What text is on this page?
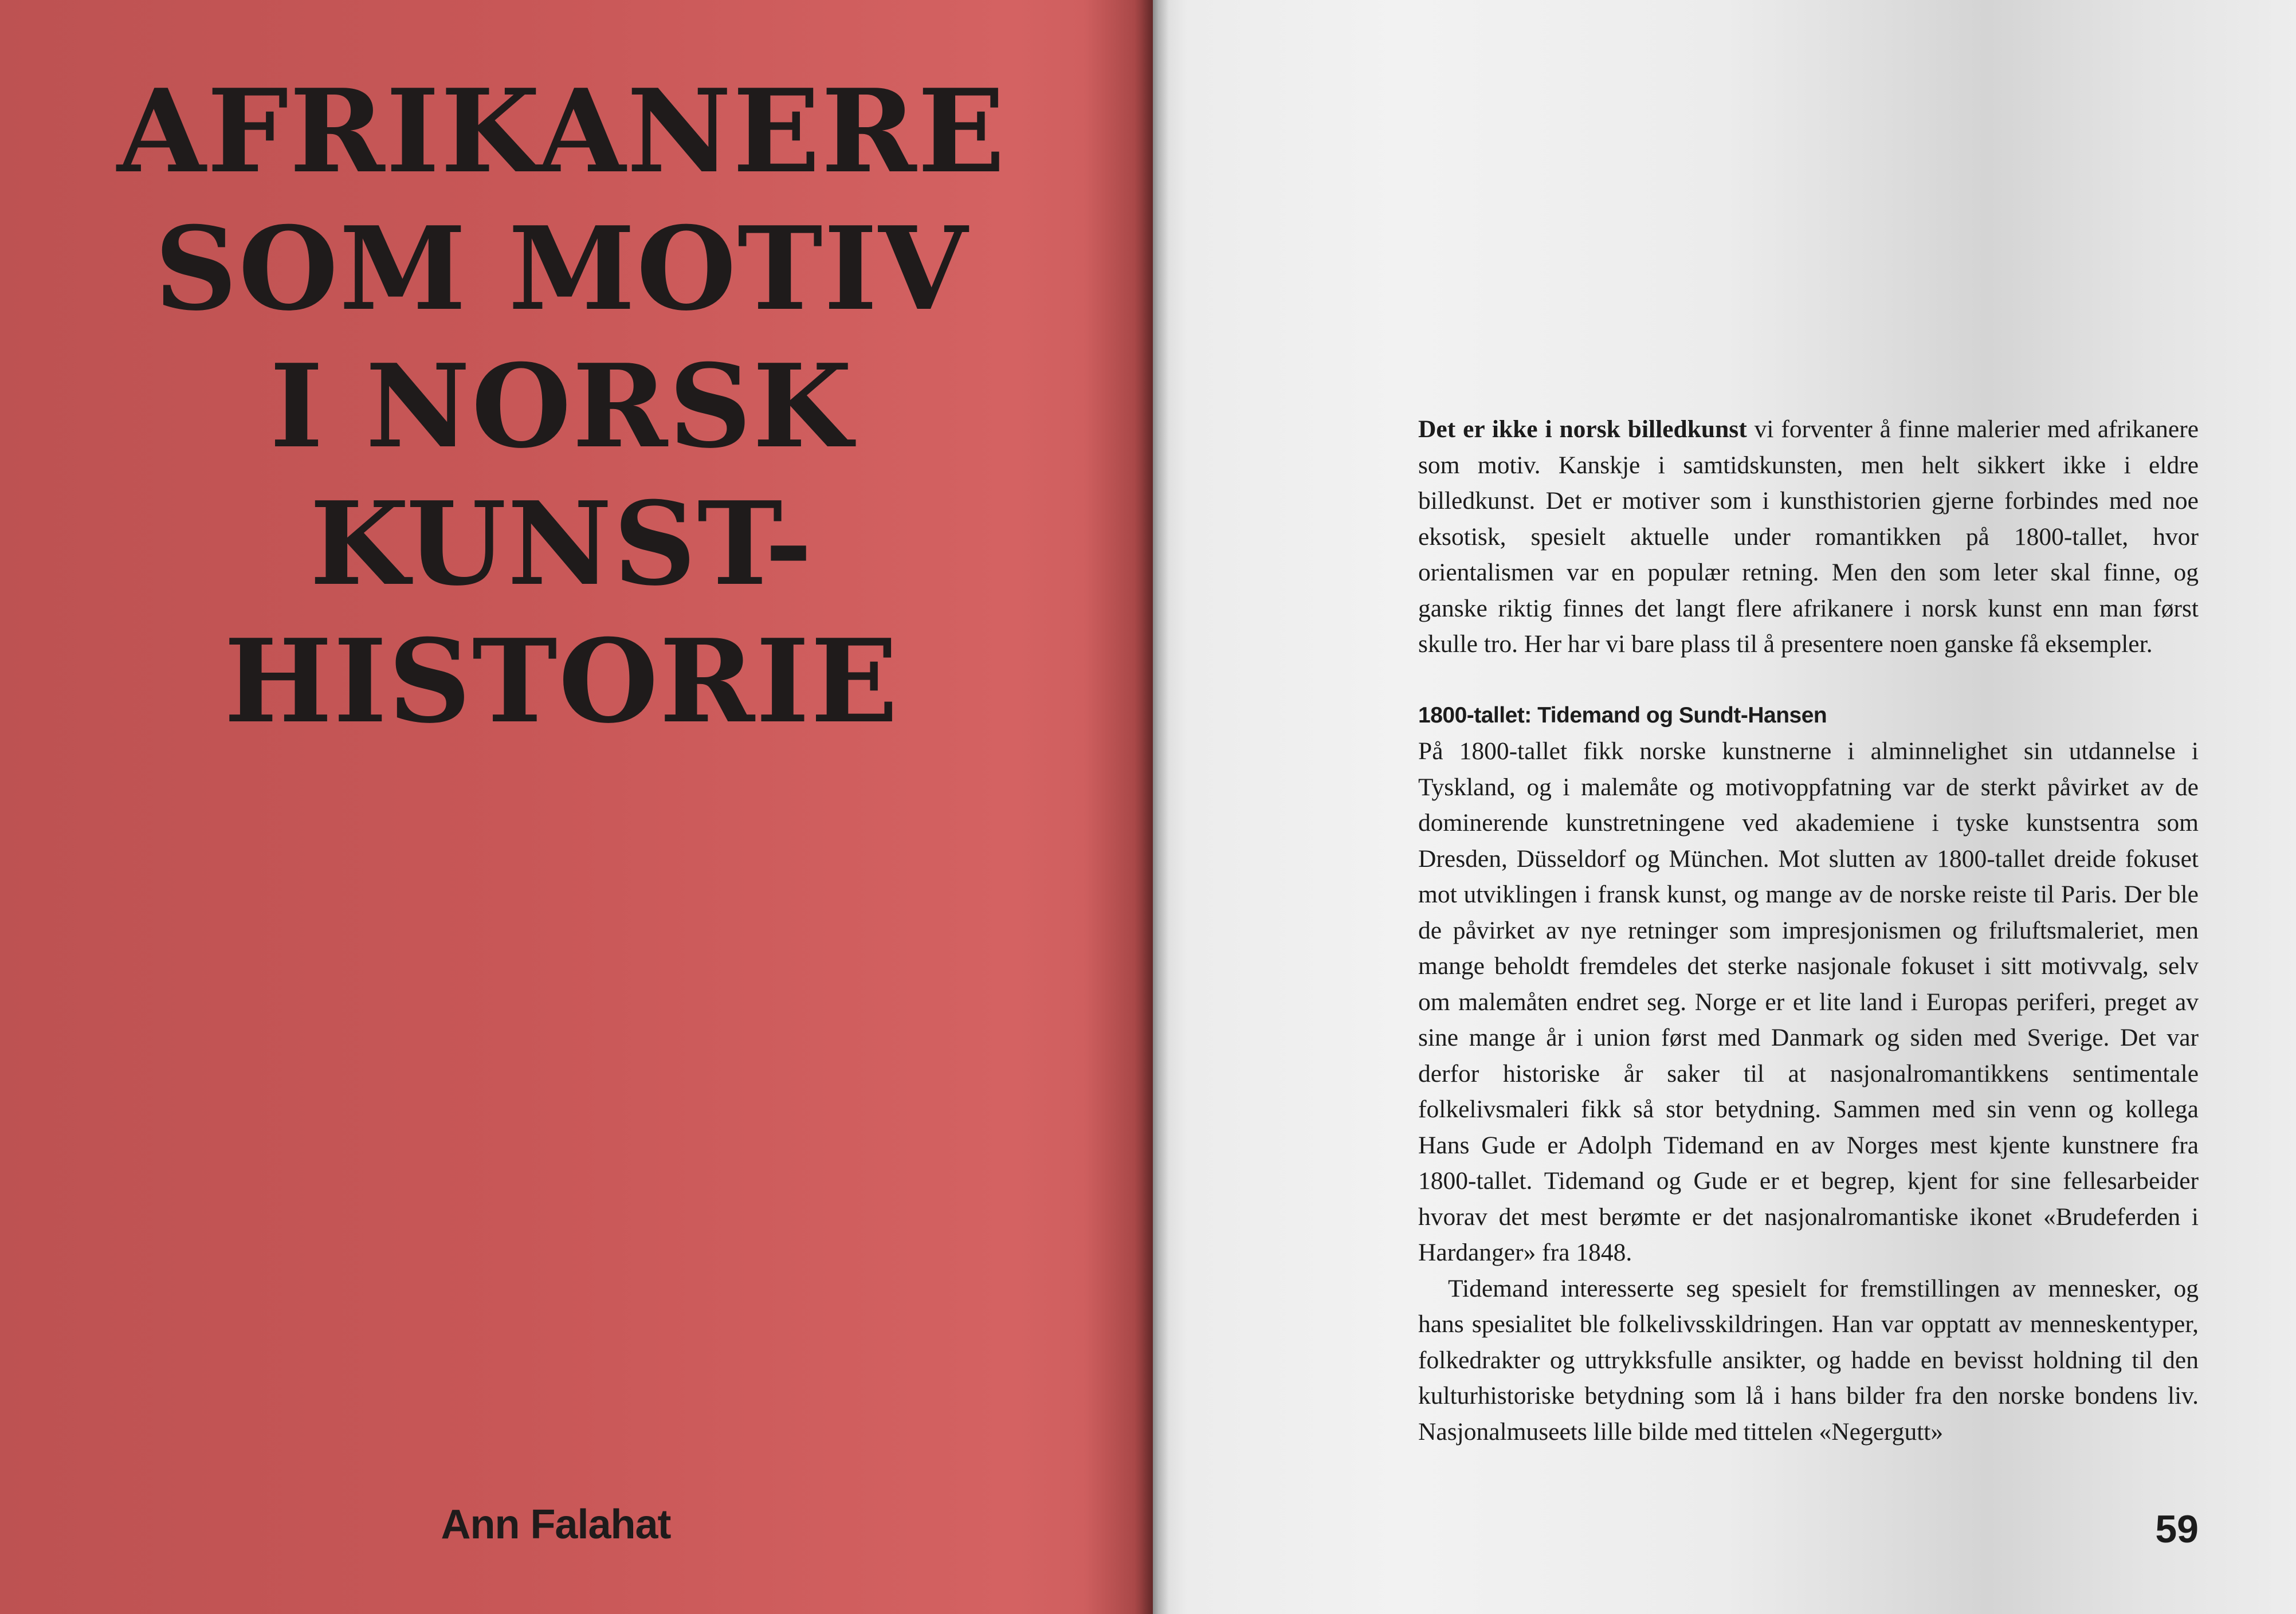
AFRIKANERE
SOM MOTIV
I NORSK
KUNST-
HISTORIE
Ann Falahat

Det er ikke i norsk billedkunst vi forventer å finne malerier med afrikanere som motiv. Kanskje i samtidskunsten, men helt sikkert ikke i eldre billedkunst. Det er motiver som i kunsthistorien gjerne forbindes med noe eksotisk, spesielt aktuelle under romantikken på 1800-tallet, hvor orientalismen var en populær retning. Men den som leter skal finne, og ganske riktig finnes det langt flere afrikanere i norsk kunst enn man først skulle tro. Her har vi bare plass til å presentere noen ganske få eksempler.

1800-tallet: Tidemand og Sundt-Hansen

På 1800-tallet fikk norske kunstnerne i alminnelighet sin utdannelse i Tyskland, og i malemåte og motivoppfatning var de sterkt påvirket av de dominerende kunstretningene ved akademiene i tyske kunstsentra som Dresden, Düsseldorf og München. Mot slutten av 1800-tallet dreide fokuset mot utviklingen i fransk kunst, og mange av de norske reiste til Paris. Der ble de påvirket av nye retninger som impresjonismen og friluftsmaleriet, men mange beholdt fremdeles det sterke nasjonale fokuset i sitt motivvalg, selv om malemåten endret seg. Norge er et lite land i Europas periferi, preget av sine mange år i union først med Danmark og siden med Sverige. Det var derfor historiske år saker til at nasjonalromantikkens sentimentale folkelivsmaleri fikk så stor betydning. Sammen med sin venn og kollega Hans Gude er Adolph Tidemand en av Norges mest kjente kunstnere fra 1800-tallet. Tidemand og Gude er et begrep, kjent for sine fellesarbeider hvorav det mest berømte er det nasjonalromantiske ikonet «Brudeferden i Hardanger» fra 1848.

Tidemand interesserte seg spesielt for fremstillingen av mennesker, og hans spesialitet ble folkelivsskildringen. Han var opptatt av menneskentyper, folkedrakter og uttrykksfulle ansikter, og hadde en bevisst holdning til den kulturhistoriske betydning som lå i hans bilder fra den norske bondens liv. Nasjonalmuseets lille bilde med tittelen «Negergutt»

59
